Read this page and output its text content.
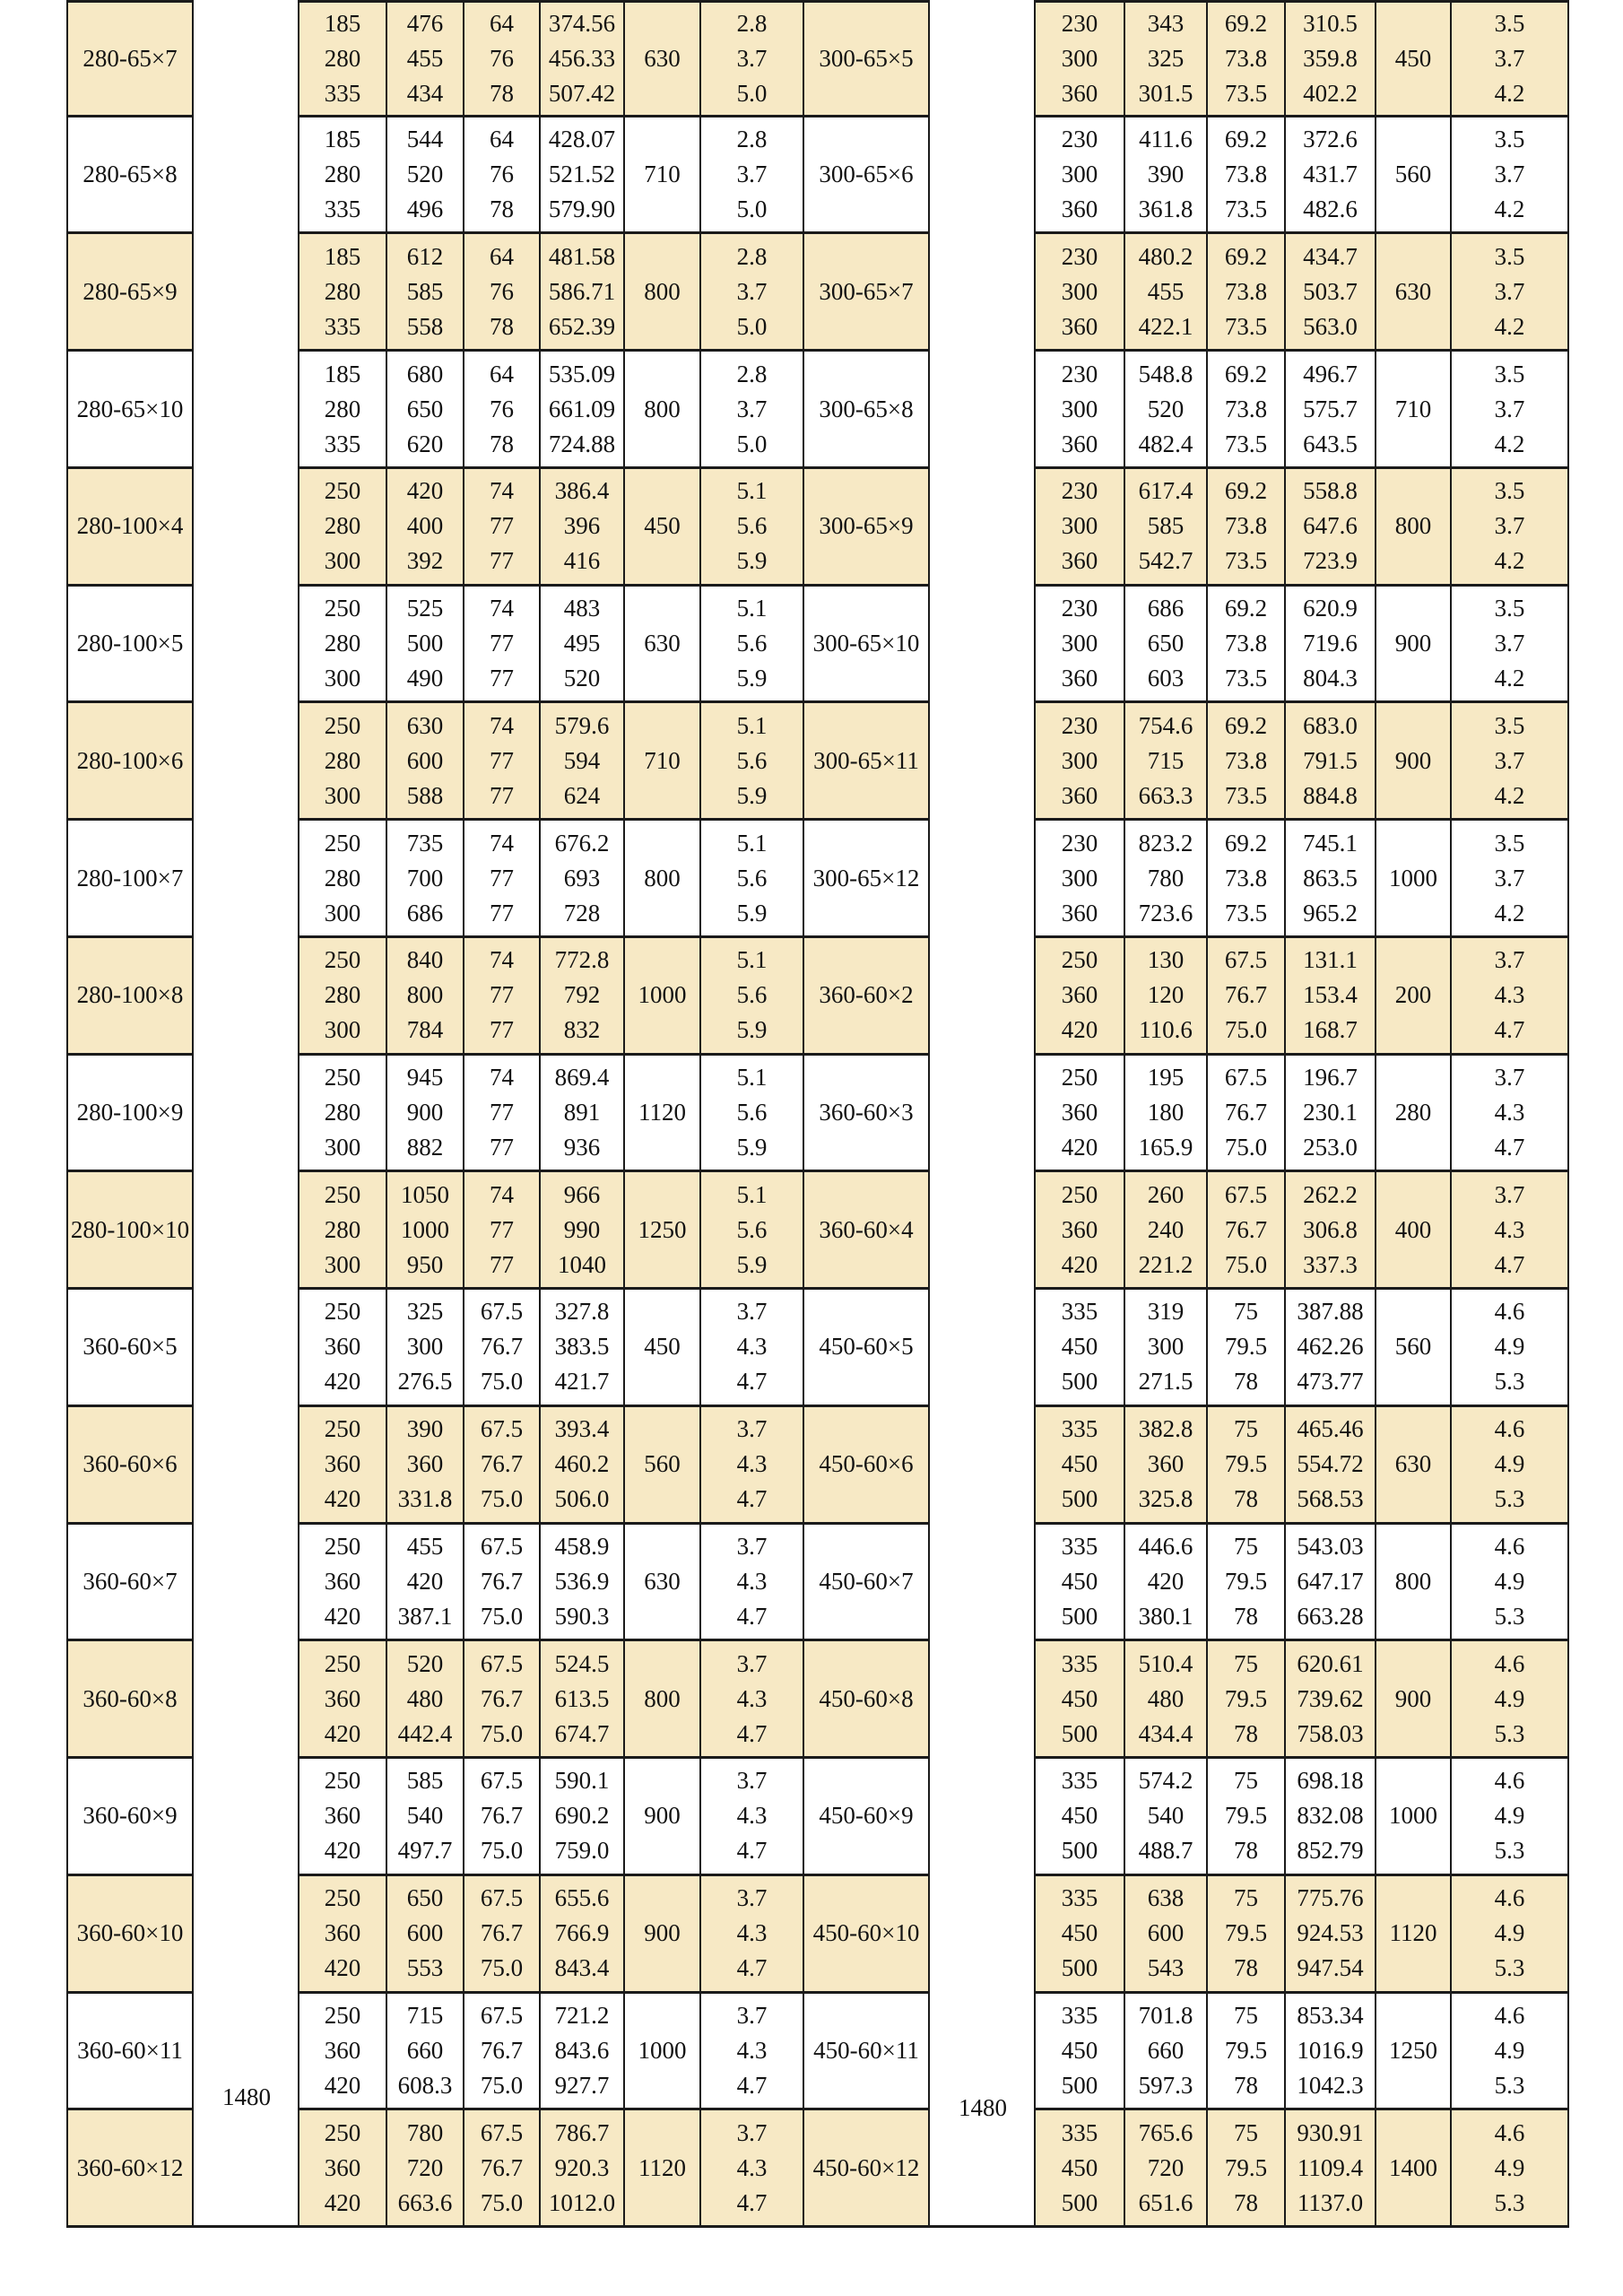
1480	1480
280-65×7
185
280
335
476
455
434
64
76
78
374.56
456.33
507.42
630
2.8
3.7
5.0
300-65×5
230
300
360
343
325
301.5
69.2
73.8
73.5
310.5
359.8
402.2
450
3.5
3.7
4.2
280-65×8
185
280
335
544
520
496
64
76
78
428.07
521.52
579.90
710
2.8
3.7
5.0
300-65×6
230
300
360
411.6
390
361.8
69.2
73.8
73.5
372.6
431.7
482.6
560
3.5
3.7
4.2
280-65×9
185
280
335
612
585
558
64
76
78
481.58
586.71
652.39
800
2.8
3.7
5.0
300-65×7
230
300
360
480.2
455
422.1
69.2
73.8
73.5
434.7
503.7
563.0
630
3.5
3.7
4.2
280-65×10
185
280
335
680
650
620
64
76
78
535.09
661.09
724.88
800
2.8
3.7
5.0
300-65×8
230
300
360
548.8
520
482.4
69.2
73.8
73.5
496.7
575.7
643.5
710
3.5
3.7
4.2
280-100×4
250
280
300
420
400
392
74
77
77
386.4
396
416
450
5.1
5.6
5.9
300-65×9
230
300
360
617.4
585
542.7
69.2
73.8
73.5
558.8
647.6
723.9
800
3.5
3.7
4.2
280-100×5
250
280
300
525
500
490
74
77
77
483
495
520
630
5.1
5.6
5.9
300-65×10
230
300
360
686
650
603
69.2
73.8
73.5
620.9
719.6
804.3
900
3.5
3.7
4.2
280-100×6
250
280
300
630
600
588
74
77
77
579.6
594
624
710
5.1
5.6
5.9
300-65×11
230
300
360
754.6
715
663.3
69.2
73.8
73.5
683.0
791.5
884.8
900
3.5
3.7
4.2
280-100×7
250
280
300
735
700
686
74
77
77
676.2
693
728
800
5.1
5.6
5.9
300-65×12
230
300
360
823.2
780
723.6
69.2
73.8
73.5
745.1
863.5
965.2
1000
3.5
3.7
4.2
280-100×8
250
280
300
840
800
784
74
77
77
772.8
792
832
1000
5.1
5.6
5.9
360-60×2
250
360
420
130
120
110.6
67.5
76.7
75.0
131.1
153.4
168.7
200
3.7
4.3
4.7
280-100×9
250
280
300
945
900
882
74
77
77
869.4
891
936
1120
5.1
5.6
5.9
360-60×3
250
360
420
195
180
165.9
67.5
76.7
75.0
196.7
230.1
253.0
280
3.7
4.3
4.7
280-100×10
250
280
300
1050
1000
950
74
77
77
966
990
1040
1250
5.1
5.6
5.9
360-60×4
250
360
420
260
240
221.2
67.5
76.7
75.0
262.2
306.8
337.3
400
3.7
4.3
4.7
360-60×5
250
360
420
325
300
276.5
67.5
76.7
75.0
327.8
383.5
421.7
450
3.7
4.3
4.7
450-60×5
335
450
500
319
300
271.5
75
79.5
78
387.88
462.26
473.77
560
4.6
4.9
5.3
360-60×6
250
360
420
390
360
331.8
67.5
76.7
75.0
393.4
460.2
506.0
560
3.7
4.3
4.7
450-60×6
335
450
500
382.8
360
325.8
75
79.5
78
465.46
554.72
568.53
630
4.6
4.9
5.3
360-60×7
250
360
420
455
420
387.1
67.5
76.7
75.0
458.9
536.9
590.3
630
3.7
4.3
4.7
450-60×7
335
450
500
446.6
420
380.1
75
79.5
78
543.03
647.17
663.28
800
4.6
4.9
5.3
360-60×8
250
360
420
520
480
442.4
67.5
76.7
75.0
524.5
613.5
674.7
800
3.7
4.3
4.7
450-60×8
335
450
500
510.4
480
434.4
75
79.5
78
620.61
739.62
758.03
900
4.6
4.9
5.3
360-60×9
250
360
420
585
540
497.7
67.5
76.7
75.0
590.1
690.2
759.0
900
3.7
4.3
4.7
450-60×9
335
450
500
574.2
540
488.7
75
79.5
78
698.18
832.08
852.79
1000
4.6
4.9
5.3
360-60×10
250
360
420
650
600
553
67.5
76.7
75.0
655.6
766.9
843.4
900
3.7
4.3
4.7
450-60×10
335
450
500
638
600
543
75
79.5
78
775.76
924.53
947.54
1120
4.6
4.9
5.3
360-60×11
250
360
420
715
660
608.3
67.5
76.7
75.0
721.2
843.6
927.7
1000
3.7
4.3
4.7
450-60×11
335
450
500
701.8
660
597.3
75
79.5
78
853.34
1016.9
1042.3
1250
4.6
4.9
5.3
360-60×12
250
360
420
780
720
663.6
67.5
76.7
75.0
786.7
920.3
1012.0
1120
3.7
4.3
4.7
450-60×12
335
450
500
765.6
720
651.6
75
79.5
78
930.91
1109.4
1137.0
1400
4.6
4.9
5.3
